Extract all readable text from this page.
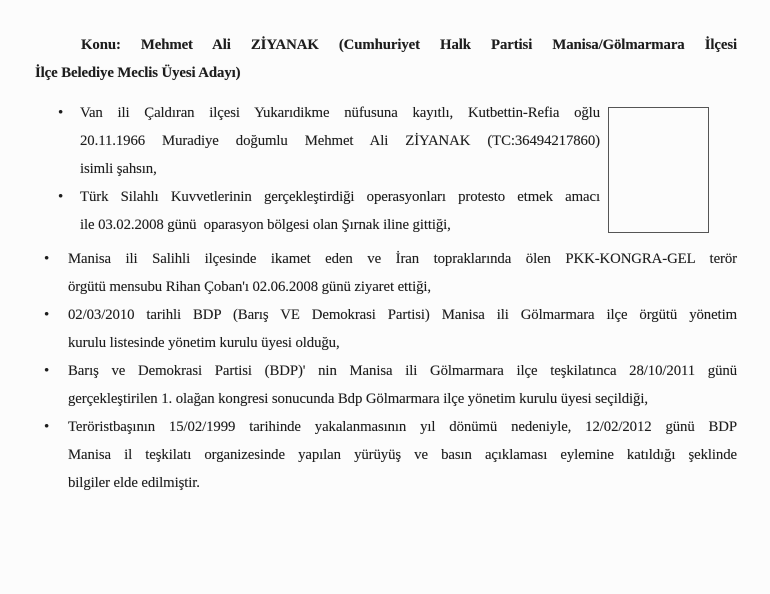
Konu: Mehmet Ali ZİYANAK (Cumhuriyet Halk Partisi Manisa/Gölmarmara İlçesi
İlçe Belediye Meclis Üyesi Adayı)
• Van ili Çaldıran ilçesi Yukarıdikme nüfusuna kayıtlı, Kutbettin-Refia oğlu
20.11.1966 Muradiye doğumlu Mehmet Ali ZİYANAK (TC:36494217860)
isimli şahsın,
• Türk Silahlı Kuvvetlerinin gerçekleştirdiği operasyonları protesto etmek amacı
ile 03.02.2008 günü  oparasyon bölgesi olan Şırnak iline gittiği,
• Manisa ili Salihli ilçesinde ikamet eden ve İran topraklarında ölen PKK-KONGRA-GEL terör
örgütü mensubu Rihan Çoban'ı 02.06.2008 günü ziyaret ettiği,
• 02/03/2010 tarihli BDP (Barış VE Demokrasi Partisi) Manisa ili Gölmarmara ilçe örgütü yönetim
kurulu listesinde yönetim kurulu üyesi olduğu,
• Barış ve Demokrasi Partisi (BDP)' nin Manisa ili Gölmarmara ilçe teşkilatınca 28/10/2011 günü
gerçekleştirilen 1. olağan kongresi sonucunda Bdp Gölmarmara ilçe yönetim kurulu üyesi seçildiği,
• Teröristbaşının 15/02/1999 tarihinde yakalanmasının yıl dönümü nedeniyle, 12/02/2012 günü BDP
Manisa il teşkilatı organizesinde yapılan yürüyüş ve basın açıklaması eylemine katıldığı şeklinde
bilgiler elde edilmiştir.
